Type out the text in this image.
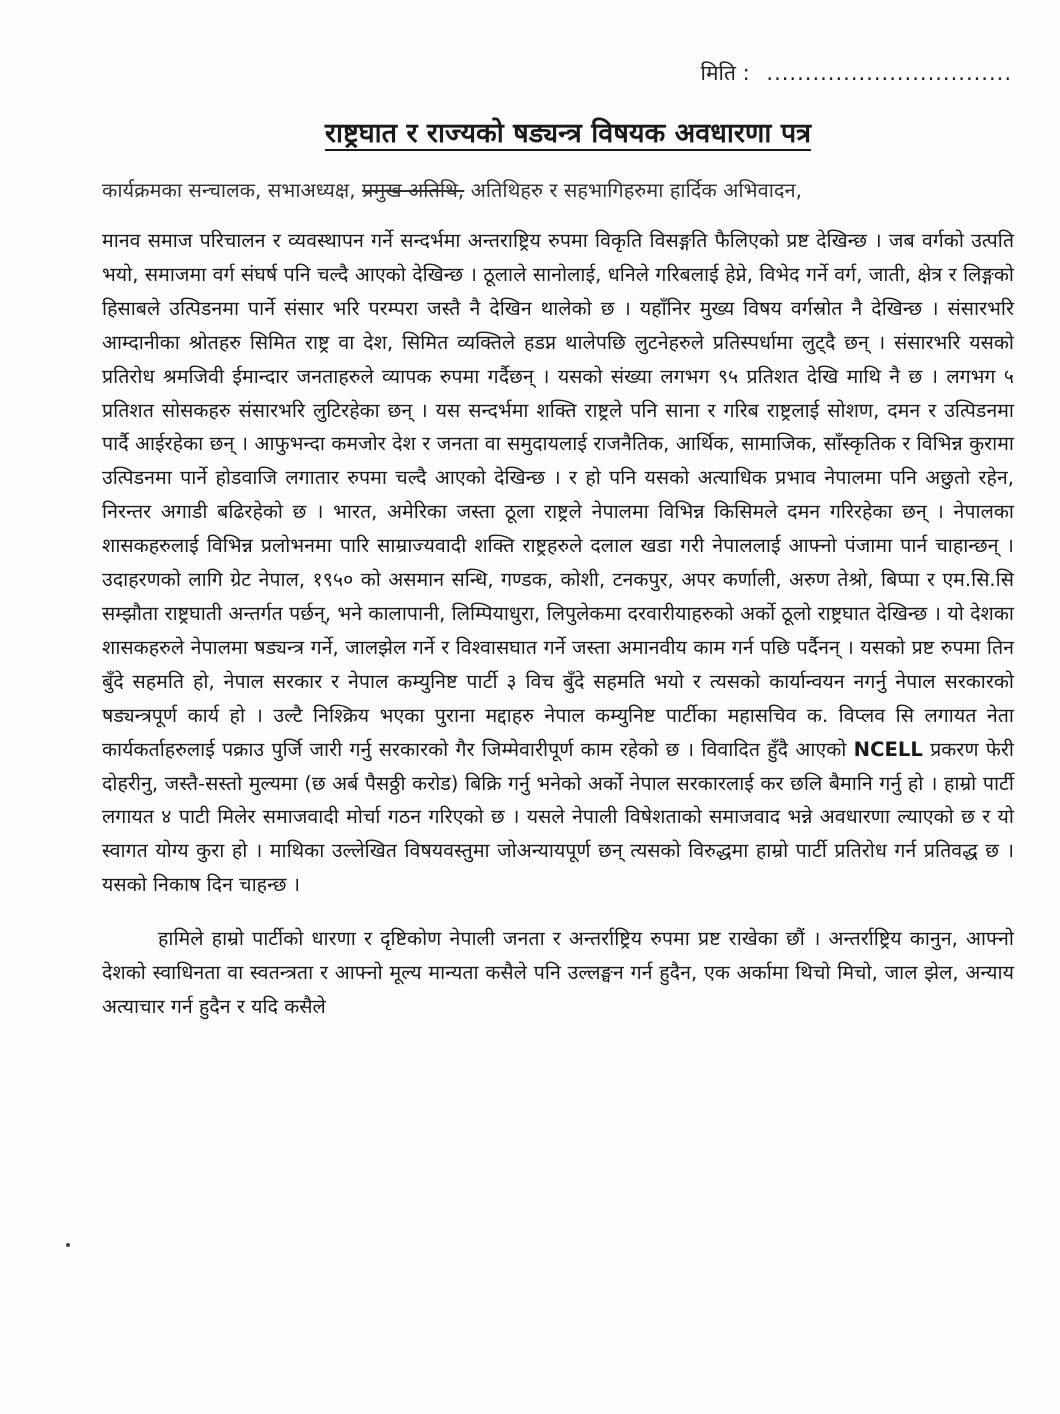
मिति : ................................
राष्ट्रघात र राज्यको षड्यन्त्र विषयक अवधारणा पत्र
कार्यक्रमका सन्चालक, सभाअध्यक्ष, प्रमुख अतिथि, अतिथिहरु र सहभागिहरुमा हार्दिक अभिवादन,

मानव समाज परिचालन र व्यवस्थापन गर्ने सन्दर्भमा अन्तराष्ट्रिय रुपमा विकृति विसङ्गति फैलिएको प्रष्ट देखिन्छ । जब वर्गको उत्पति भयो, समाजमा वर्ग संघर्ष पनि चल्दै आएको देखिन्छ । ठूलाले सानोलाई, धनिले गरिबलाई हेप्ने, विभेद गर्ने वर्ग, जाती, क्षेत्र र लिङ्गको हिसाबले उत्पिडनमा पार्ने संसार भरि परम्परा जस्तै नै देखिन थालेको छ । यहाँनिर मुख्य विषय वर्गस्रोत नै देखिन्छ । संसारभरि आम्दानीका श्रोतहरु सिमित राष्ट्र वा देश, सिमित व्यक्तिले हडप्न थालेपछि लुटनेहरुले प्रतिस्पर्धामा लुट्दै छन् । संसारभरि यसको प्रतिरोध श्रमजिवी ईमान्दार जनताहरुले व्यापक रुपमा गर्दैछन् । यसको संख्या लगभग ९५ प्रतिशत देखि माथि नै छ । लगभग ५ प्रतिशत सोसकहरु संसारभरि लुटिरहेका छन् । यस सन्दर्भमा शक्ति राष्ट्रले पनि साना र गरिब राष्ट्रलाई सोशण, दमन र उत्पिडनमा पार्दै आईरहेका छन् । आफुभन्दा कमजोर देश र जनता वा समुदायलाई राजनैतिक, आर्थिक, सामाजिक, साँस्कृतिक र विभिन्न कुरामा उत्पिडनमा पार्ने होडवाजि लगातार रुपमा चल्दै आएको देखिन्छ । र हो पनि यसको अत्याधिक प्रभाव नेपालमा पनि अछुतो रहेन, निरन्तर अगाडी बढिरहेको छ । भारत, अमेरिका जस्ता ठूला राष्ट्रले नेपालमा विभिन्न किसिमले दमन गरिरहेका छन् । नेपालका शासकहरुलाई विभिन्न प्रलोभनमा पारि साम्राज्यवादी शक्ति राष्ट्रहरुले दलाल खडा गरी नेपाललाई आफ्नो पंजामा पार्न चाहान्छन् । उदाहरणको लागि ग्रेट नेपाल, १९५० को असमान सन्धि, गण्डक, कोशी, टनकपुर, अपर कर्णाली, अरुण तेश्रो, बिप्पा र एम.सि.सि सम्झौता राष्ट्रघाती अन्तर्गत पर्छन्, भने कालापानी, लिम्पियाधुरा, लिपुलेकमा दरवारीयाहरुको अर्को ठूलो राष्ट्रघात देखिन्छ । यो देशका शासकहरुले नेपालमा षड्यन्त्र गर्ने, जालझेल गर्ने र विश्वासघात गर्ने जस्ता अमानवीय काम गर्न पछि पर्दैनन् । यसको प्रष्ट रुपमा तिन बुँदे सहमति हो, नेपाल सरकार र नेपाल कम्युनिष्ट पार्टी ३ विच बुँदे सहमति भयो र त्यसको कार्यान्वयन नगर्नु नेपाल सरकारको षड्यन्त्रपूर्ण कार्य हो । उल्टै निश्क्रिय भएका पुराना मद्दाहरु नेपाल कम्युनिष्ट पार्टीका महासचिव क. विप्लव सि लगायत नेता कार्यकर्ताहरुलाई पक्राउ पुर्जि जारी गर्नु सरकारको गैर जिम्मेवारीपूर्ण काम रहेको छ । विवादित हुँदै आएको NCELL प्रकरण फेरी दोहरीनु, जस्तै-सस्तो मुल्यमा (छ अर्ब पैसठ्ठी करोड) बिक्रि गर्नु भनेको अर्को नेपाल सरकारलाई कर छलि बैमानि गर्नु हो । हाम्रो पार्टी लगायत ४ पाटी मिलेर समाजवादी मोर्चा गठन गरिएको छ । यसले नेपाली विषेशताको समाजवाद भन्ने अवधारणा ल्याएको छ र यो स्वागत योग्य कुरा हो । माथिका उल्लेखित विषयवस्तुमा जोअन्यायपूर्ण छन् त्यसको विरुद्धमा हाम्रो पार्टी प्रतिरोध गर्न प्रतिवद्ध छ । यसको निकाष दिन चाहन्छ ।

हामिले हाम्रो पार्टीको धारणा र दृष्टिकोण नेपाली जनता र अन्तर्राष्ट्रिय रुपमा प्रष्ट राखेका छौं । अन्तर्राष्ट्रिय कानुन, आफ्नो देशको स्वाधिनता वा स्वतन्त्रता र आफ्नो मूल्य मान्यता कसैले पनि उल्लङ्घन गर्न हुदैन, एक अर्कामा थिचो मिचो, जाल झेल, अन्याय अत्याचार गर्न हुदैन र यदि कसैले
